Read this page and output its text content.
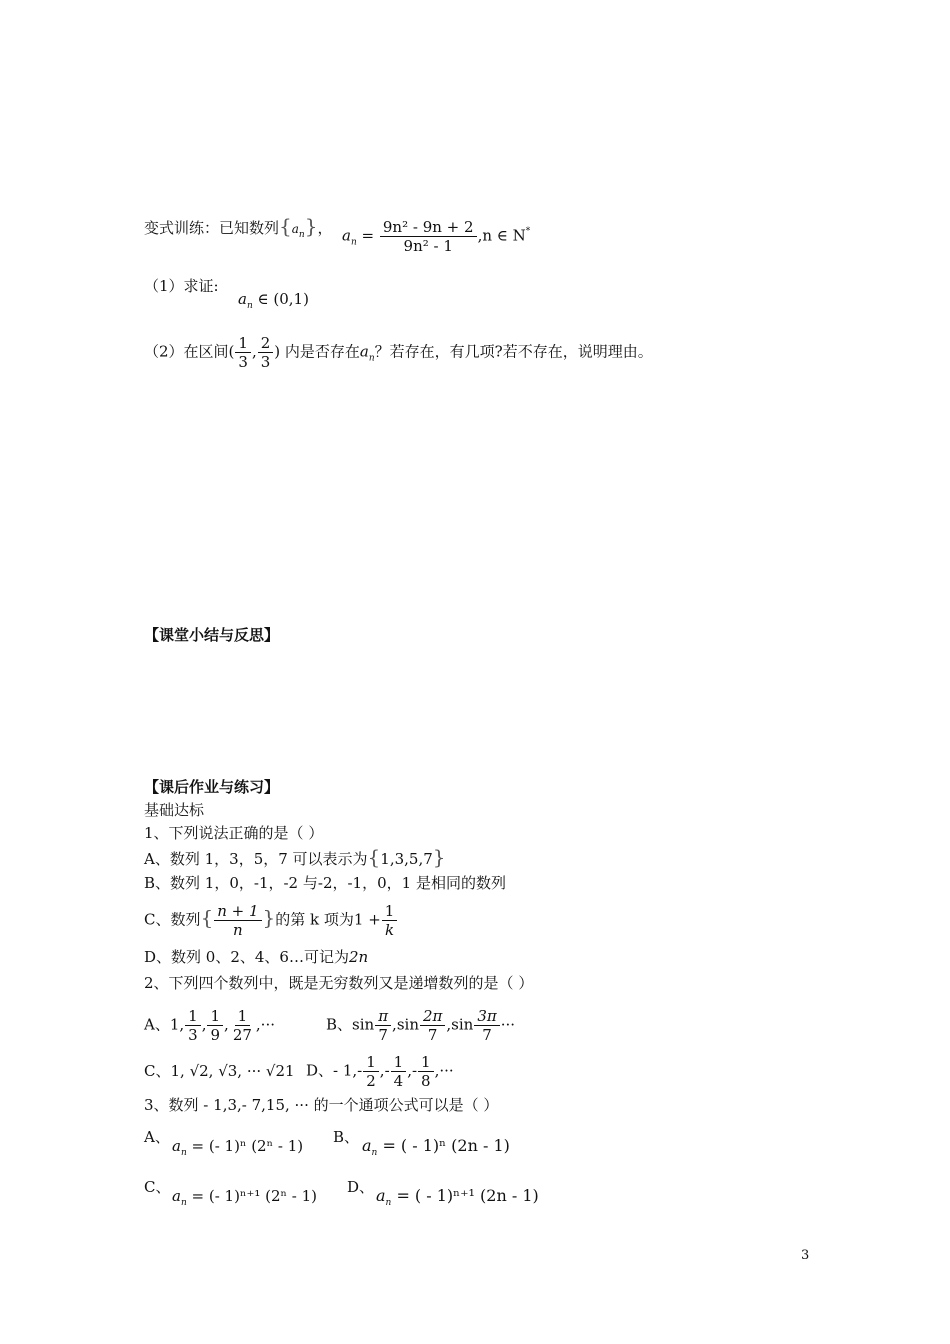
变式训练：已知数列$\{a_n\}$， $a_n = \frac{\text{9n² - 9n + 2}}{\text{9n² - 1}} ,n$ ∈ N*
（1）求证:
$a_n$ ∈ (0,1)
（2）在区间( $\frac{1}{3}$ , $\frac{2}{3}$ ) 内是否存在$a_n$？若存在，有几项?若不存在，说明理由。
【课堂小结与反思】
【课后作业与练习】
基础达标
1、下列说法正确的是（ ）
A、数列 1，3，5，7 可以表示为{1,3,5,7}
B、数列 1，0，-1，-2 与-2，-1，0，1 是相同的数列
C、数列{ $\frac{n + 1}{n}$ }的第 k 项为$1 + \frac{1}{k}$
D、数列 0、2、4、6…可记为2n
2、下列四个数列中，既是无穷数列又是递增数列的是（ ）
A、1, $\frac{1}{3}$ , $\frac{1}{9}$ , $\frac{1}{27}$ ,···	B、$\sin \frac{\pi}{7} ,\sin \frac{2\pi}{7} ,\sin \frac{3\pi}{7}$ ···
C、1, √2, √3, ··· √21 D、- $1,- \frac{1}{2}$ ,- $\frac{1}{4}$ ,- $\frac{1}{8}$ ,···
3、数列 - 1,3,- 7,15, ··· 的一个通项公式可以是（ ）
A、 $a_n$ = (- 1)ⁿ (2ⁿ - 1) B、 $a_n$ = ( - 1)ⁿ (2n - 1)
C、 $a_n$ = (- 1)ⁿ⁺¹ (2ⁿ - 1) D、 $a_n$ = ( - 1)ⁿ⁺¹ (2n - 1)
3
